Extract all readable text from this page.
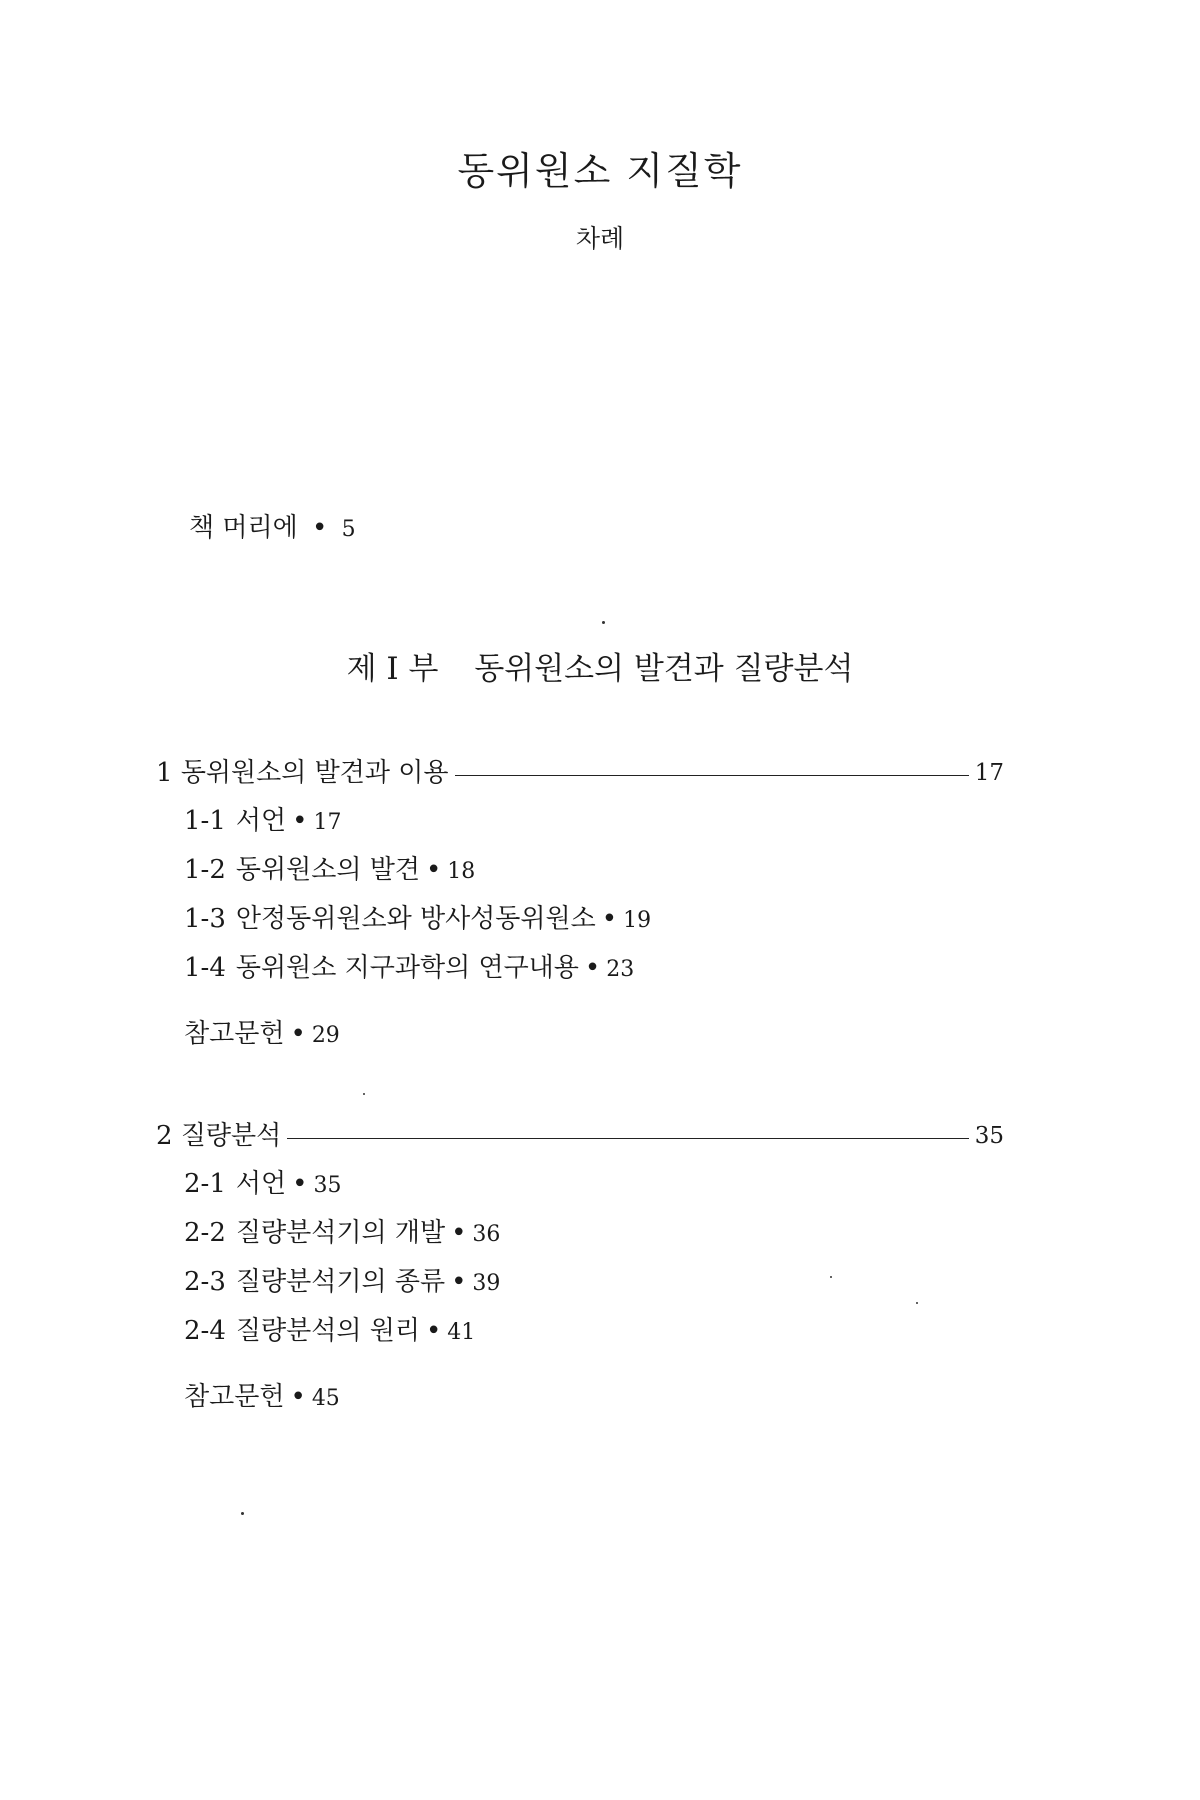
동위원소 지질학
차례
책 머리에 • 5
제 I 부 동위원소의 발견과 질량분석
1 동위원소의 발견과 이용	17
1-1 서언 • 17
1-2 동위원소의 발견 • 18
1-3 안정동위원소와 방사성동위원소 • 19
1-4 동위원소 지구과학의 연구내용 • 23
참고문헌 • 29
2 질량분석	35
2-1 서언 • 35
2-2 질량분석기의 개발 • 36
2-3 질량분석기의 종류 • 39
2-4 질량분석의 원리 • 41
참고문헌 • 45
